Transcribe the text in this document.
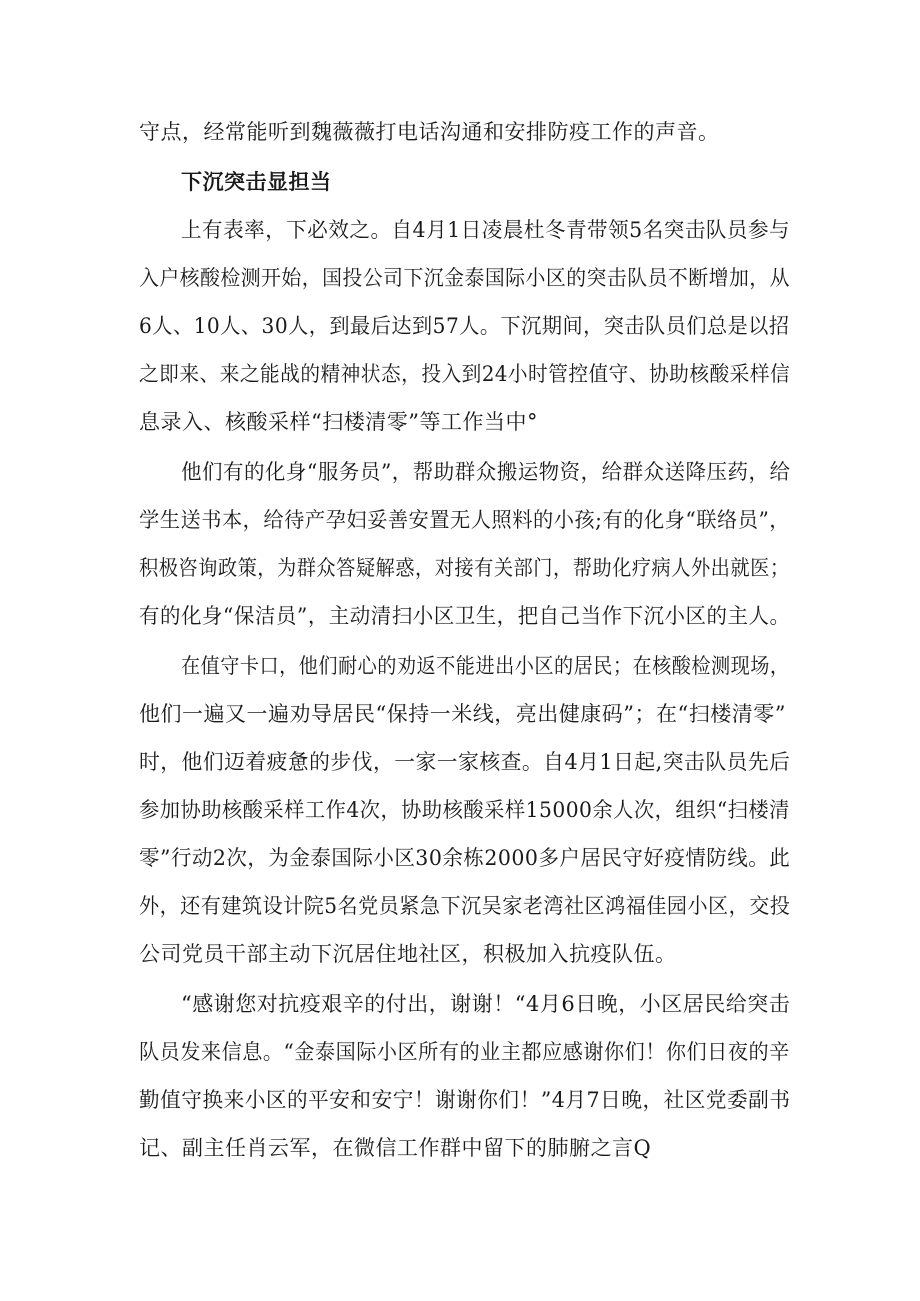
守点，经常能听到魏薇薇打电话沟通和安排防疫工作的声音。
下沉突击显担当
上有表率，下必效之。自4月1日凌晨杜冬青带领5名突击队员参与
入户核酸检测开始，国投公司下沉金泰国际小区的突击队员不断增加，从
6人、10人、30人，到最后达到57人。下沉期间，突击队员们总是以招
之即来、来之能战的精神状态，投入到24小时管控值守、协助核酸采样信
息录入、核酸采样“扫楼清零”等工作当中°
他们有的化身“服务员”，帮助群众搬运物资，给群众送降压药，给
学生送书本，给待产孕妇妥善安置无人照料的小孩;有的化身“联络员”，
积极咨询政策，为群众答疑解惑，对接有关部门，帮助化疗病人外出就医；
有的化身“保洁员”，主动清扫小区卫生，把自己当作下沉小区的主人。
在值守卡口，他们耐心的劝返不能进出小区的居民；在核酸检测现场，
他们一遍又一遍劝导居民“保持一米线，亮出健康码”；在“扫楼清零”
时，他们迈着疲惫的步伐，一家一家核查。自4月1日起,突击队员先后
参加协助核酸采样工作4次，协助核酸采样15000余人次，组织“扫楼清
零”行动2次，为金泰国际小区30余栋2000多户居民守好疫情防线。此
外，还有建筑设计院5名党员紧急下沉吴家老湾社区鸿福佳园小区，交投
公司党员干部主动下沉居住地社区，积极加入抗疫队伍。
“感谢您对抗疫艰辛的付出，谢谢！“4月6日晚，小区居民给突击
队员发来信息。“金泰国际小区所有的业主都应感谢你们！你们日夜的辛
勤值守换来小区的平安和安宁！谢谢你们！”4月7日晚，社区党委副书
记、副主任肖云军，在微信工作群中留下的肺腑之言Q
